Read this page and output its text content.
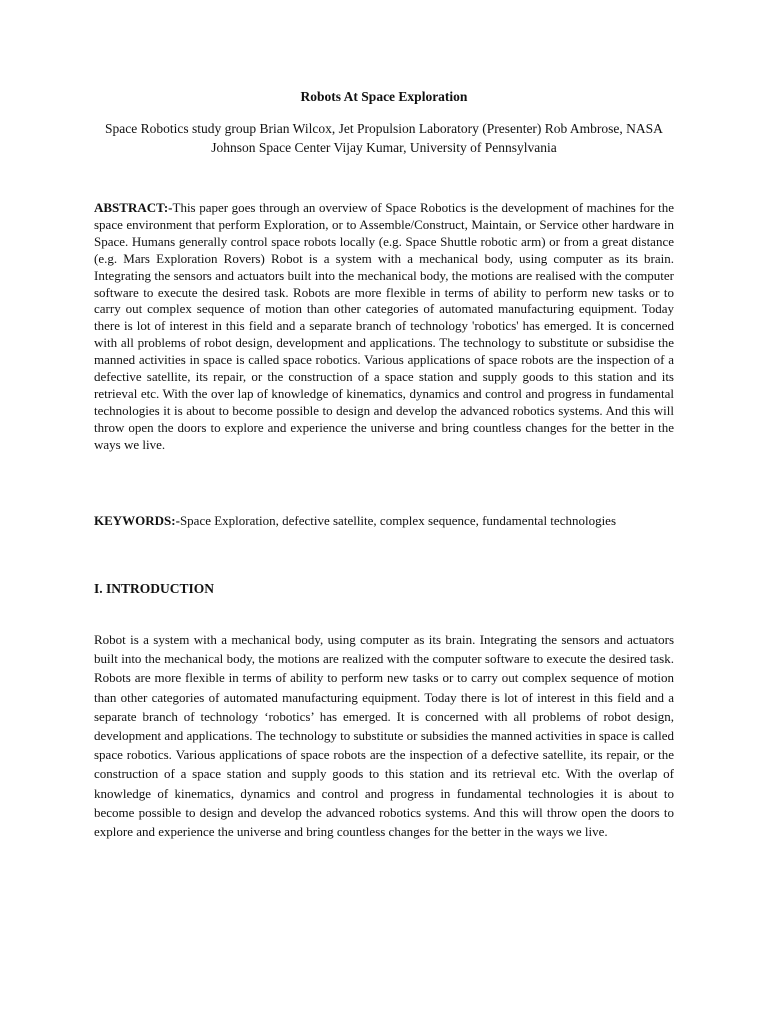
Robots At Space Exploration

Space Robotics study group Brian Wilcox, Jet Propulsion Laboratory (Presenter) Rob Ambrose, NASA Johnson Space Center Vijay Kumar, University of Pennsylvania

ABSTRACT:-This paper goes through an overview of Space Robotics is the development of machines for the space environment that perform Exploration, or to Assemble/Construct, Maintain, or Service other hardware in Space. Humans generally control space robots locally (e.g. Space Shuttle robotic arm) or from a great distance (e.g. Mars Exploration Rovers) Robot is a system with a mechanical body, using computer as its brain. Integrating the sensors and actuators built into the mechanical body, the motions are realised with the computer software to execute the desired task. Robots are more flexible in terms of ability to perform new tasks or to carry out complex sequence of motion than other categories of automated manufacturing equipment. Today there is lot of interest in this field and a separate branch of technology 'robotics' has emerged. It is concerned with all problems of robot design, development and applications. The technology to substitute or subsidise the manned activities in space is called space robotics. Various applications of space robots are the inspection of a defective satellite, its repair, or the construction of a space station and supply goods to this station and its retrieval etc. With the over lap of knowledge of kinematics, dynamics and control and progress in fundamental technologies it is about to become possible to design and develop the advanced robotics systems. And this will throw open the doors to explore and experience the universe and bring countless changes for the better in the ways we live.

KEYWORDS:-Space Exploration, defective satellite, complex sequence, fundamental technologies

I. INTRODUCTION

Robot is a system with a mechanical body, using computer as its brain. Integrating the sensors and actuators built into the mechanical body, the motions are realized with the computer software to execute the desired task. Robots are more flexible in terms of ability to perform new tasks or to carry out complex sequence of motion than other categories of automated manufacturing equipment. Today there is lot of interest in this field and a separate branch of technology ‘robotics’ has emerged. It is concerned with all problems of robot design, development and applications. The technology to substitute or subsidies the manned activities in space is called space robotics. Various applications of space robots are the inspection of a defective satellite, its repair, or the construction of a space station and supply goods to this station and its retrieval etc. With the overlap of knowledge of kinematics, dynamics and control and progress in fundamental technologies it is about to become possible to design and develop the advanced robotics systems. And this will throw open the doors to explore and experience the universe and bring countless changes for the better in the ways we live.
